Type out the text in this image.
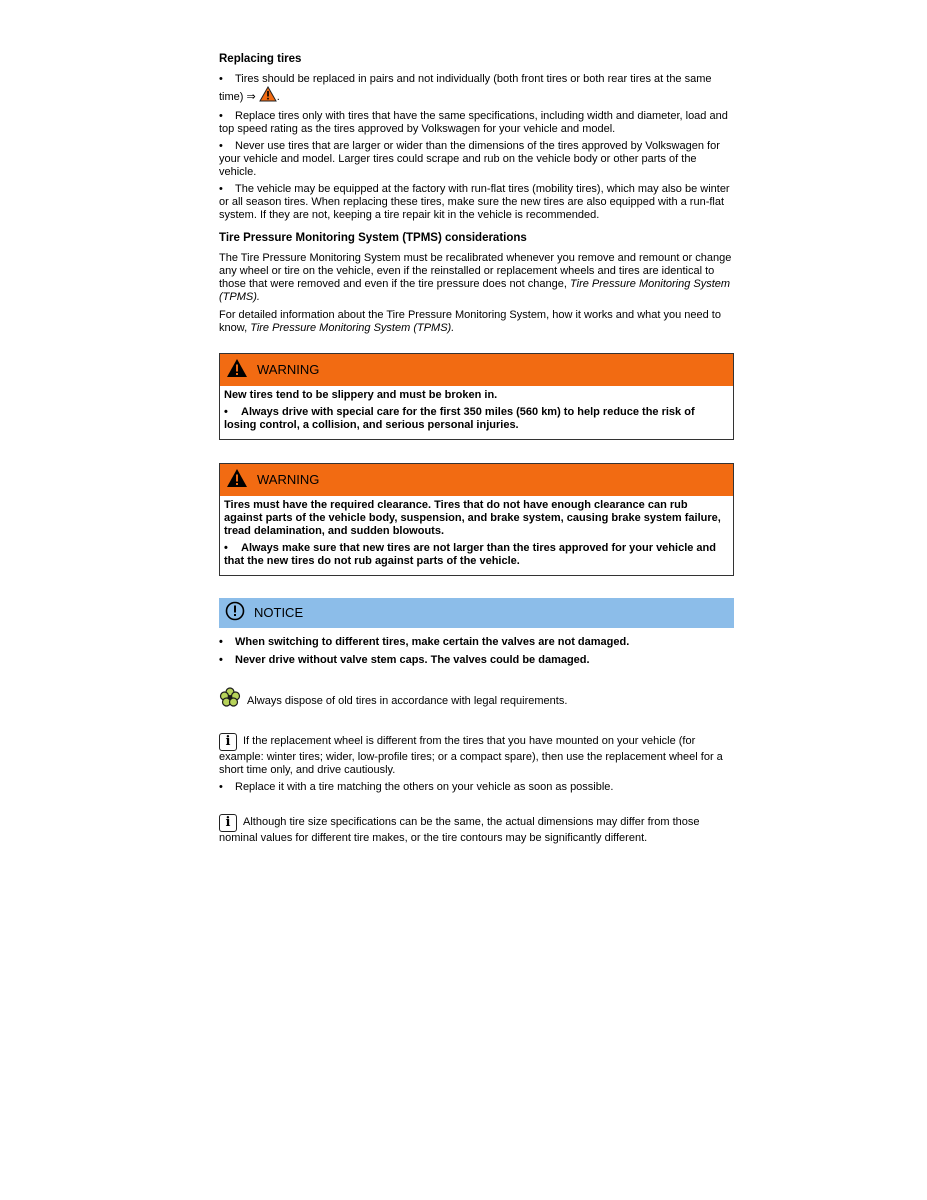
Replacing tires
• Tires should be replaced in pairs and not individually (both front tires or both rear tires at the same time) ⇒ .
• Replace tires only with tires that have the same specifications, including width and diameter, load and top speed rating as the tires approved by Volkswagen for your vehicle and model.
• Never use tires that are larger or wider than the dimensions of the tires approved by Volkswagen for your vehicle and model. Larger tires could scrape and rub on the vehicle body or other parts of the vehicle.
• The vehicle may be equipped at the factory with run-flat tires (mobility tires), which may also be winter or all season tires. When replacing these tires, make sure the new tires are also equipped with a run-flat system. If they are not, keeping a tire repair kit in the vehicle is recommended.
Tire Pressure Monitoring System (TPMS) considerations

The Tire Pressure Monitoring System must be recalibrated whenever you remove and remount or change any wheel or tire on the vehicle, even if the reinstalled or replacement wheels and tires are identical to those that were removed and even if the tire pressure does not change, Tire Pressure Monitoring System (TPMS).

For detailed information about the Tire Pressure Monitoring System, how it works and what you need to know, Tire Pressure Monitoring System (TPMS).

WARNING

New tires tend to be slippery and must be broken in.

• Always drive with special care for the first 350 miles (560 km) to help reduce the risk of losing control, a collision, and serious personal injuries.

WARNING

Tires must have the required clearance. Tires that do not have enough clearance can rub against parts of the vehicle body, suspension, and brake system, causing brake system failure, tread delamination, and sudden blowouts.

• Always make sure that new tires are not larger than the tires approved for your vehicle and that the new tires do not rub against parts of the vehicle.

NOTICE
• When switching to different tires, make certain the valves are not damaged.
• Never drive without valve stem caps. The valves could be damaged.
Always dispose of old tires in accordance with legal requirements.

i If the replacement wheel is different from the tires that you have mounted on your vehicle (for example: winter tires; wider, low-profile tires; or a compact spare), then use the replacement wheel for a short time only, and drive cautiously.

• Replace it with a tire matching the others on your vehicle as soon as possible.

i Although tire size specifications can be the same, the actual dimensions may differ from those nominal values for different tire makes, or the tire contours may be significantly different.
